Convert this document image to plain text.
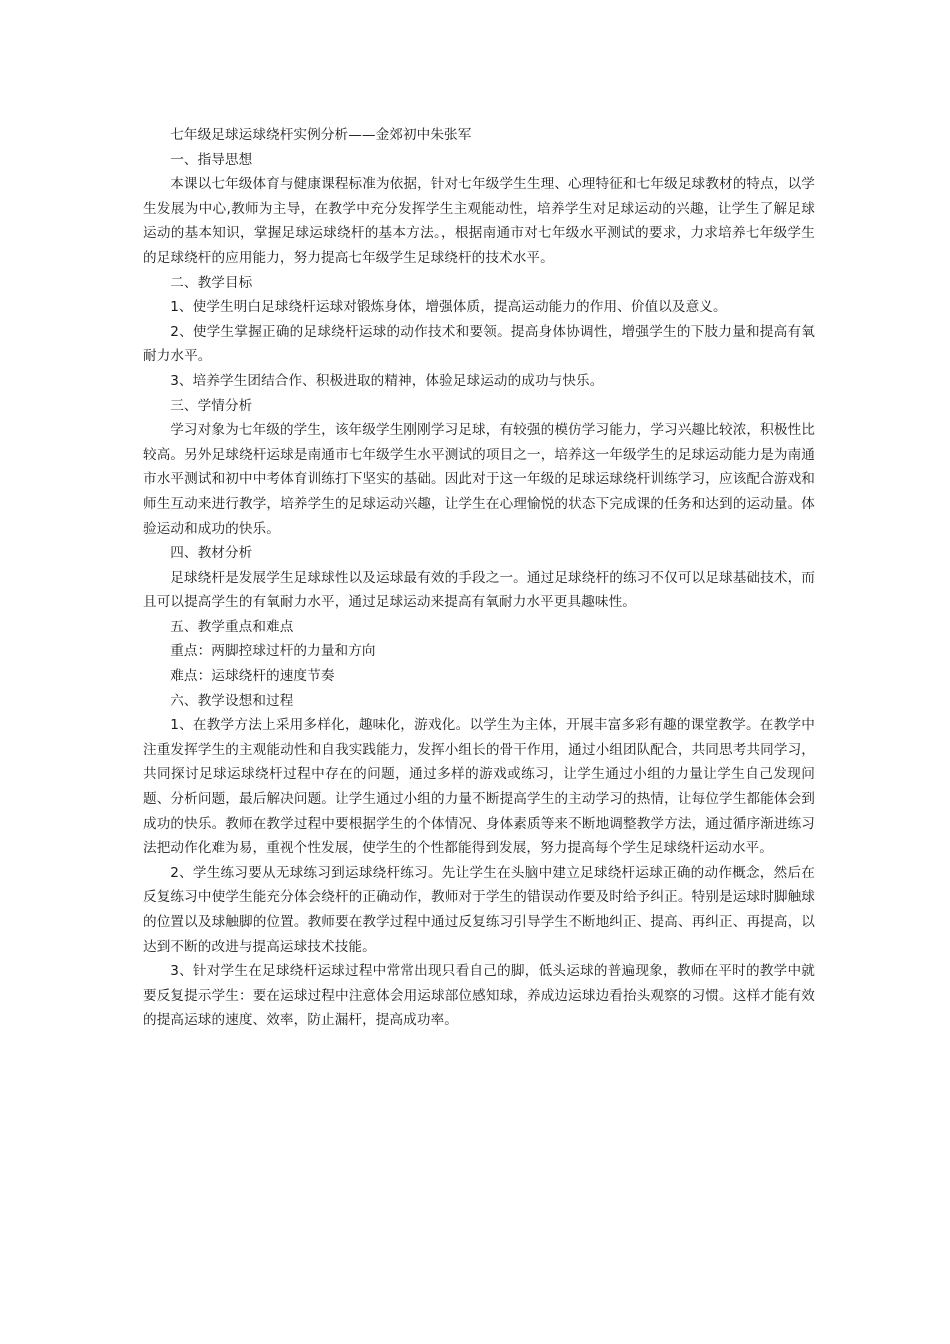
七年级足球运球绕杆实例分析——金郊初中朱张军

一、指导思想

本课以七年级体育与健康课程标准为依据，针对七年级学生生理、心理特征和七年级足球教材的特点，以学生发展为中心,教师为主导，在教学中充分发挥学生主观能动性，培养学生对足球运动的兴趣，让学生了解足球运动的基本知识，掌握足球运球绕杆的基本方法。，根据南通市对七年级水平测试的要求，力求培养七年级学生的足球绕杆的应用能力，努力提高七年级学生足球绕杆的技术水平。

二、教学目标

1、使学生明白足球绕杆运球对锻炼身体，增强体质，提高运动能力的作用、价值以及意义。

2、使学生掌握正确的足球绕杆运球的动作技术和要领。提高身体协调性，增强学生的下肢力量和提高有氧耐力水平。

3、培养学生团结合作、积极进取的精神，体验足球运动的成功与快乐。

三、学情分析

学习对象为七年级的学生，该年级学生刚刚学习足球，有较强的模仿学习能力，学习兴趣比较浓，积极性比较高。另外足球绕杆运球是南通市七年级学生水平测试的项目之一，培养这一年级学生的足球运动能力是为南通市水平测试和初中中考体育训练打下坚实的基础。因此对于这一年级的足球运球绕杆训练学习，应该配合游戏和师生互动来进行教学，培养学生的足球运动兴趣，让学生在心理愉悦的状态下完成课的任务和达到的运动量。体验运动和成功的快乐。

四、教材分析

足球绕杆是发展学生足球球性以及运球最有效的手段之一。通过足球绕杆的练习不仅可以足球基础技术，而且可以提高学生的有氧耐力水平，通过足球运动来提高有氧耐力水平更具趣味性。

五、教学重点和难点

重点：两脚控球过杆的力量和方向

难点：运球绕杆的速度节奏

六、教学设想和过程

1、在教学方法上采用多样化，趣味化，游戏化。以学生为主体，开展丰富多彩有趣的课堂教学。在教学中注重发挥学生的主观能动性和自我实践能力，发挥小组长的骨干作用，通过小组团队配合，共同思考共同学习，共同探讨足球运球绕杆过程中存在的问题，通过多样的游戏或练习，让学生通过小组的力量让学生自己发现问题、分析问题，最后解决问题。让学生通过小组的力量不断提高学生的主动学习的热情，让每位学生都能体会到成功的快乐。教师在教学过程中要根据学生的个体情况、身体素质等来不断地调整教学方法，通过循序渐进练习法把动作化难为易，重视个性发展，使学生的个性都能得到发展，努力提高每个学生足球绕杆运动水平。

2、学生练习要从无球练习到运球绕杆练习。先让学生在头脑中建立足球绕杆运球正确的动作概念，然后在反复练习中使学生能充分体会绕杆的正确动作，教师对于学生的错误动作要及时给予纠正。特别是运球时脚触球的位置以及球触脚的位置。教师要在教学过程中通过反复练习引导学生不断地纠正、提高、再纠正、再提高，以达到不断的改进与提高运球技术技能。

3、针对学生在足球绕杆运球过程中常常出现只看自己的脚，低头运球的普遍现象，教师在平时的教学中就要反复提示学生：要在运球过程中注意体会用运球部位感知球，养成边运球边看抬头观察的习惯。这样才能有效的提高运球的速度、效率，防止漏杆，提高成功率。
